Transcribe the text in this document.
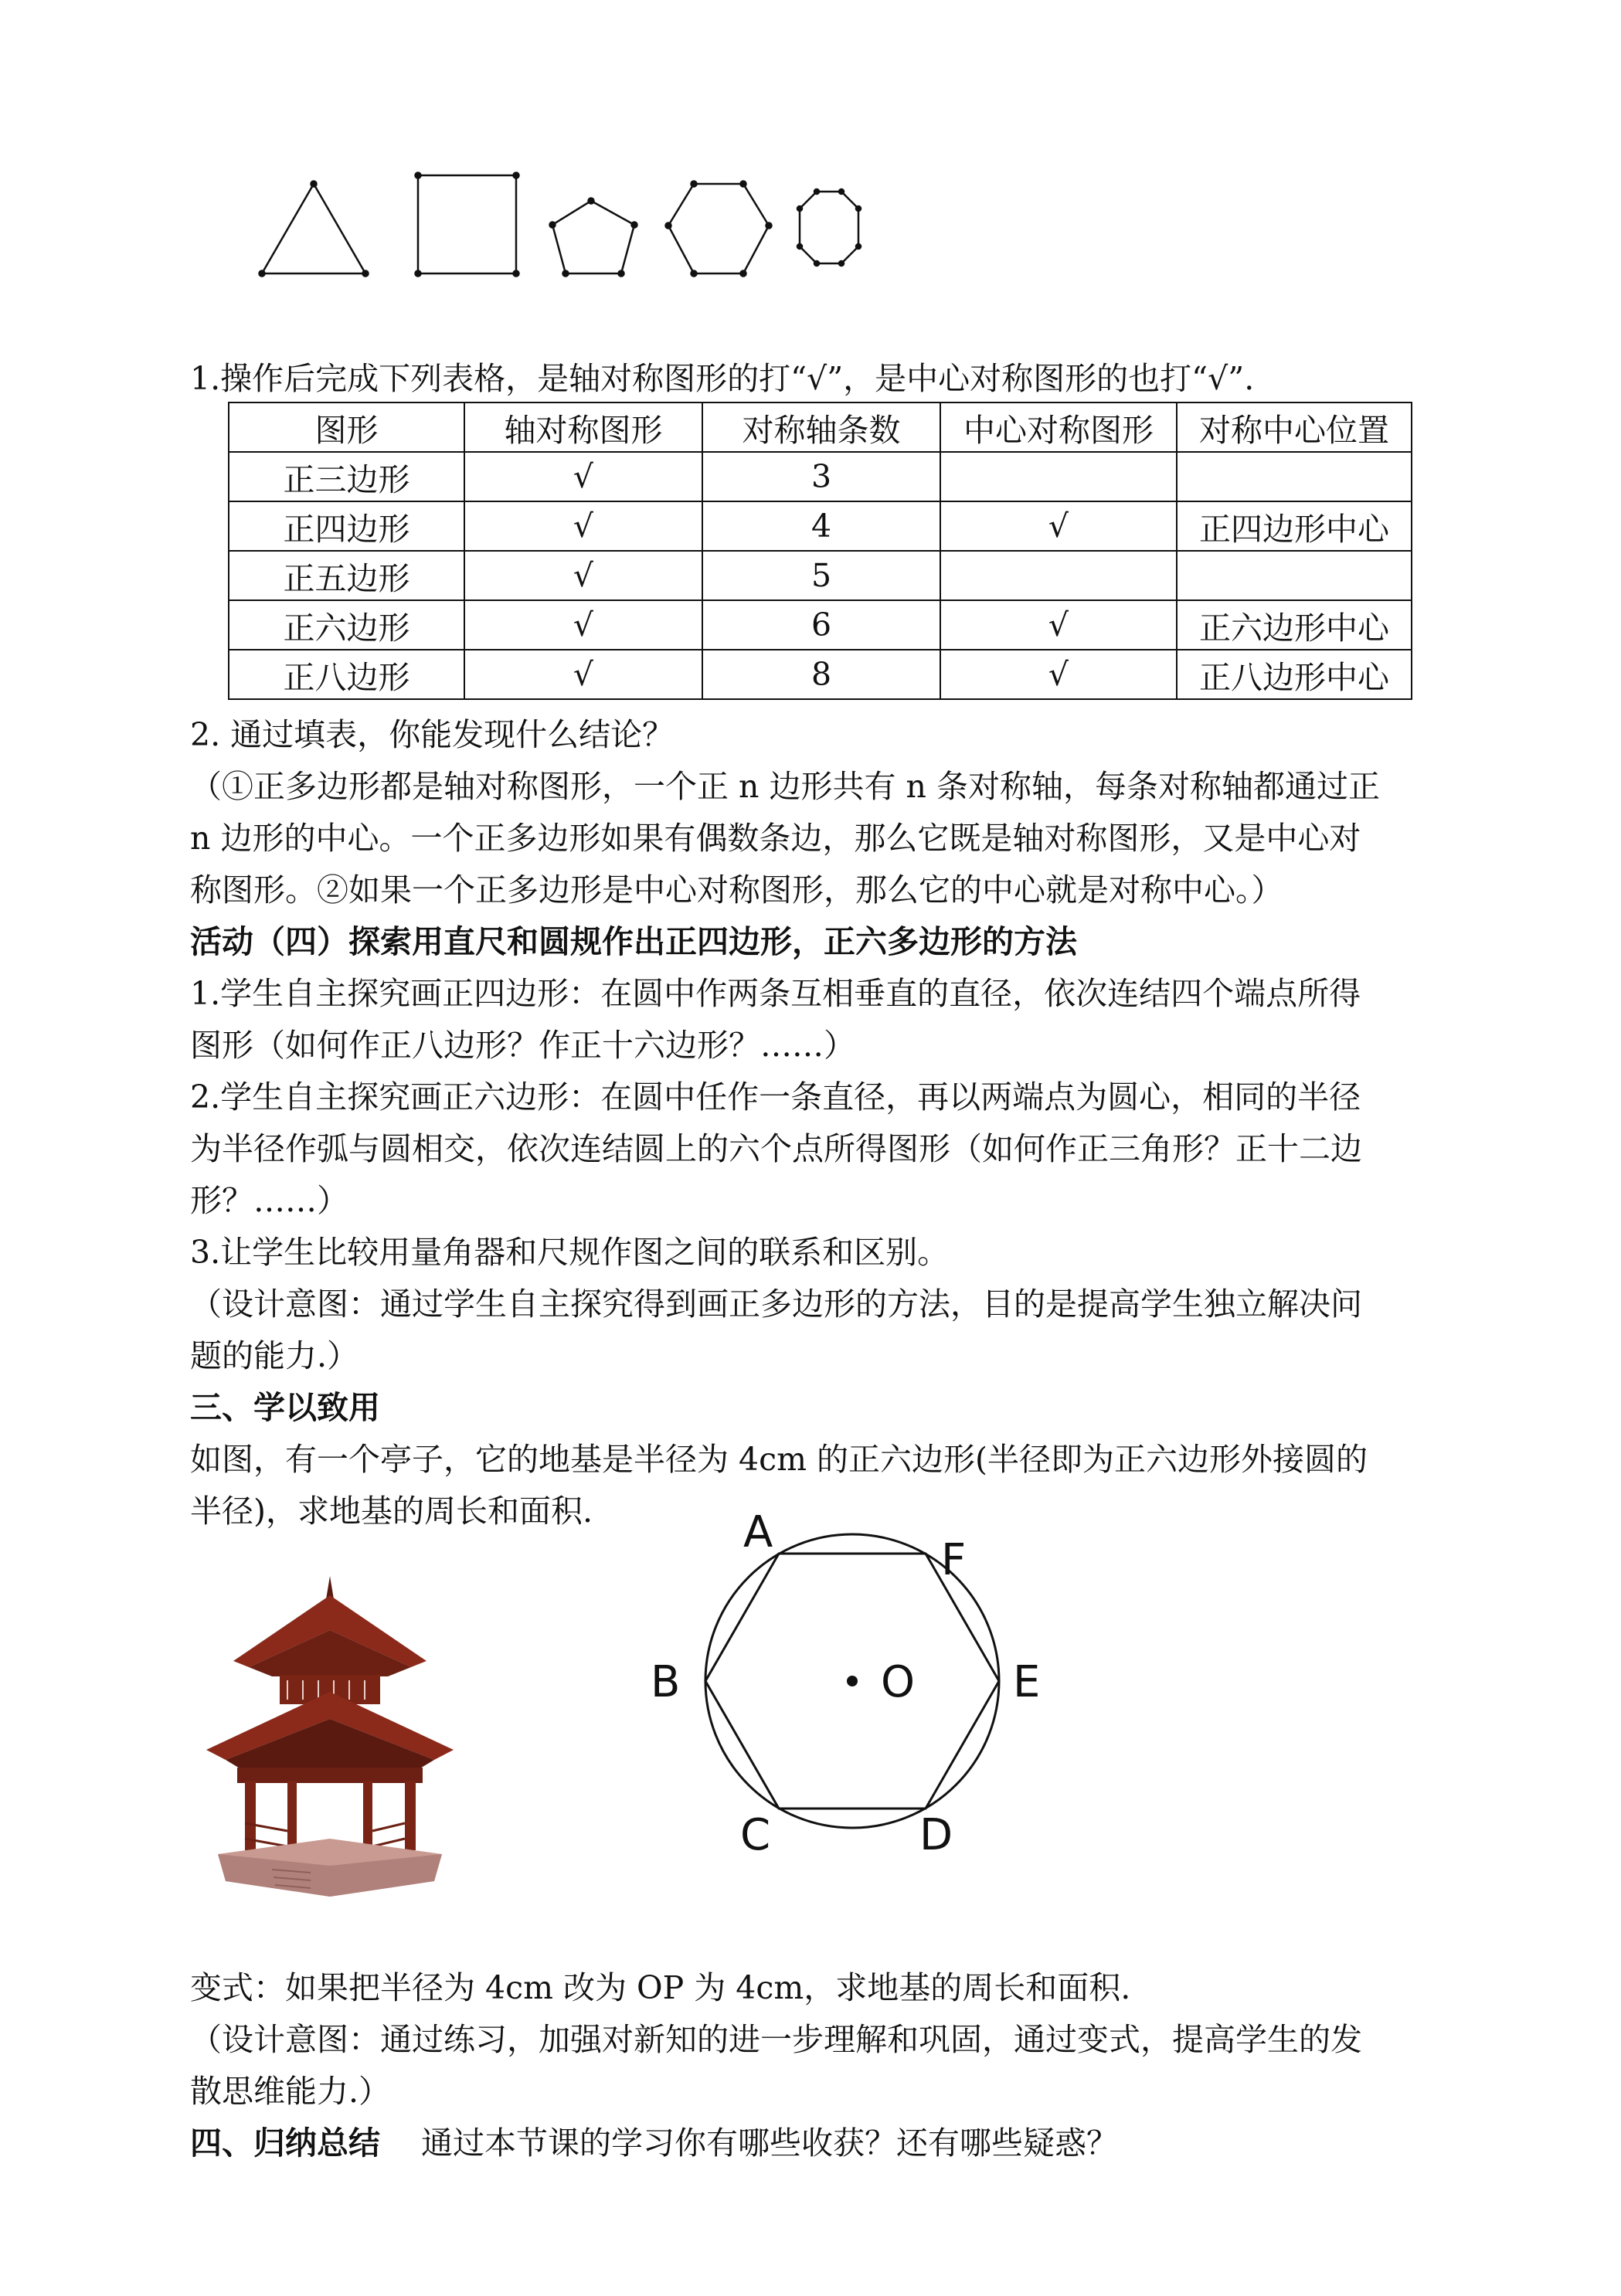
1.操作后完成下列表格，是轴对称图形的打“√”，是中心对称图形的也打“√”.
图形	轴对称图形	对称轴条数	中心对称图形	对称中心位置
正三边形	√	3		
正四边形	√	4	√	正四边形中心
正五边形	√	5		
正六边形	√	6	√	正六边形中心
正八边形	√	8	√	正八边形中心
2. 通过填表，你能发现什么结论？
（①正多边形都是轴对称图形，一个正 n 边形共有 n 条对称轴，每条对称轴都通过正
n 边形的中心。一个正多边形如果有偶数条边，那么它既是轴对称图形，又是中心对
称图形。②如果一个正多边形是中心对称图形，那么它的中心就是对称中心。）
活动（四）探索用直尺和圆规作出正四边形，正六多边形的方法
1.学生自主探究画正四边形：在圆中作两条互相垂直的直径，依次连结四个端点所得
图形（如何作正八边形？作正十六边形？……）
2.学生自主探究画正六边形：在圆中任作一条直径，再以两端点为圆心，相同的半径
为半径作弧与圆相交，依次连结圆上的六个点所得图形（如何作正三角形？正十二边
形？……）
3.让学生比较用量角器和尺规作图之间的联系和区别。
（设计意图：通过学生自主探究得到画正多边形的方法，目的是提高学生独立解决问
题的能力.）
三、学以致用
如图，有一个亭子，它的地基是半径为 4cm 的正六边形(半径即为正六边形外接圆的
半径)，求地基的周长和面积.	A
F
B	O E
C	D
变式：如果把半径为 4cm 改为 OP 为 4cm，求地基的周长和面积.
（设计意图：通过练习，加强对新知的进一步理解和巩固，通过变式，提高学生的发
散思维能力.）
四、归纳总结 通过本节课的学习你有哪些收获？还有哪些疑惑？
